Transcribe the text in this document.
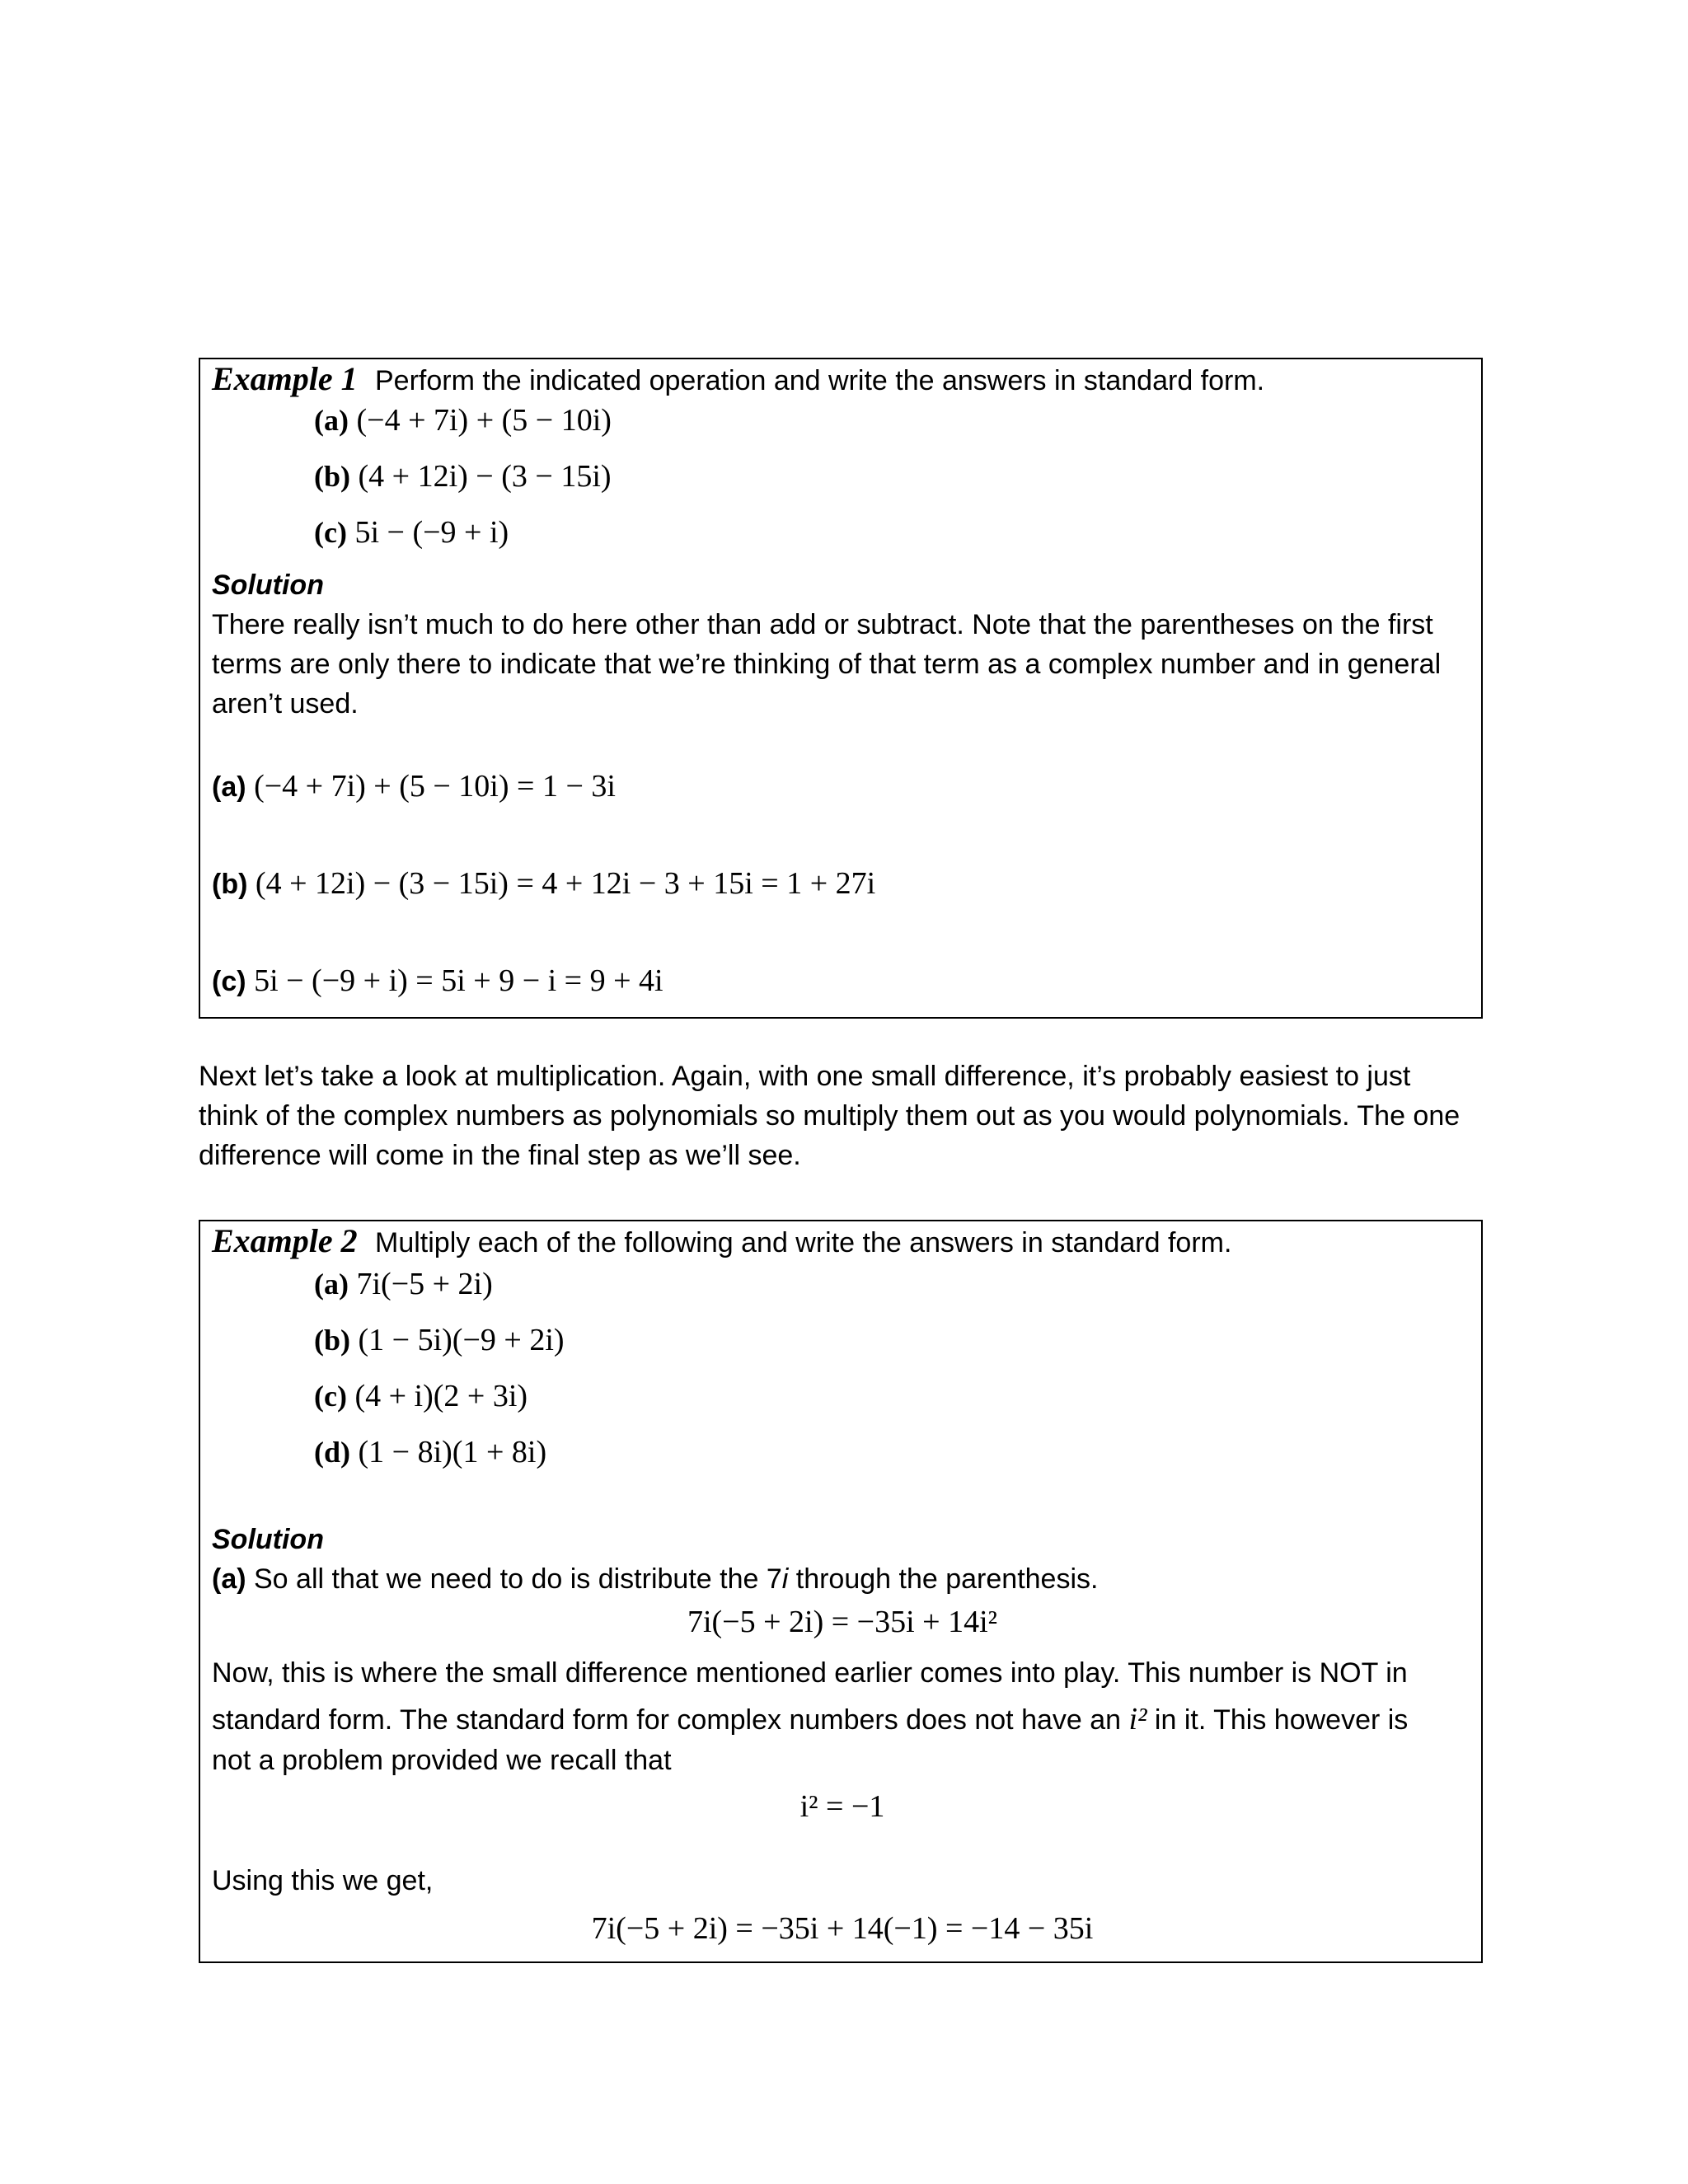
Example 1 Perform the indicated operation and write the answers in standard form.
(a) (−4 + 7i) + (5 − 10i)
(b) (4 + 12i) − (3 − 15i)
(c) 5i − (−9 + i)
Solution
There really isn’t much to do here other than add or subtract. Note that the parentheses on the first
terms are only there to indicate that we’re thinking of that term as a complex number and in general
aren’t used.
(a) (−4 + 7i) + (5 − 10i) = 1 − 3i
(b) (4 + 12i) − (3 − 15i) = 4 + 12i − 3 + 15i = 1 + 27i
(c) 5i − (−9 + i) = 5i + 9 − i = 9 + 4i
Next let’s take a look at multiplication. Again, with one small difference, it’s probably easiest to just
think of the complex numbers as polynomials so multiply them out as you would polynomials. The one
difference will come in the final step as we’ll see.
Example 2 Multiply each of the following and write the answers in standard form.
(a) 7i(−5 + 2i)
(b) (1 − 5i)(−9 + 2i)
(c) (4 + i)(2 + 3i)
(d) (1 − 8i)(1 + 8i)
Solution
(a) So all that we need to do is distribute the 7i through the parenthesis.
7i(−5 + 2i) = −35i + 14i²
Now, this is where the small difference mentioned earlier comes into play. This number is NOT in
standard form. The standard form for complex numbers does not have an i² in it. This however is
not a problem provided we recall that
i² = −1
Using this we get,
7i(−5 + 2i) = −35i + 14(−1) = −14 − 35i
